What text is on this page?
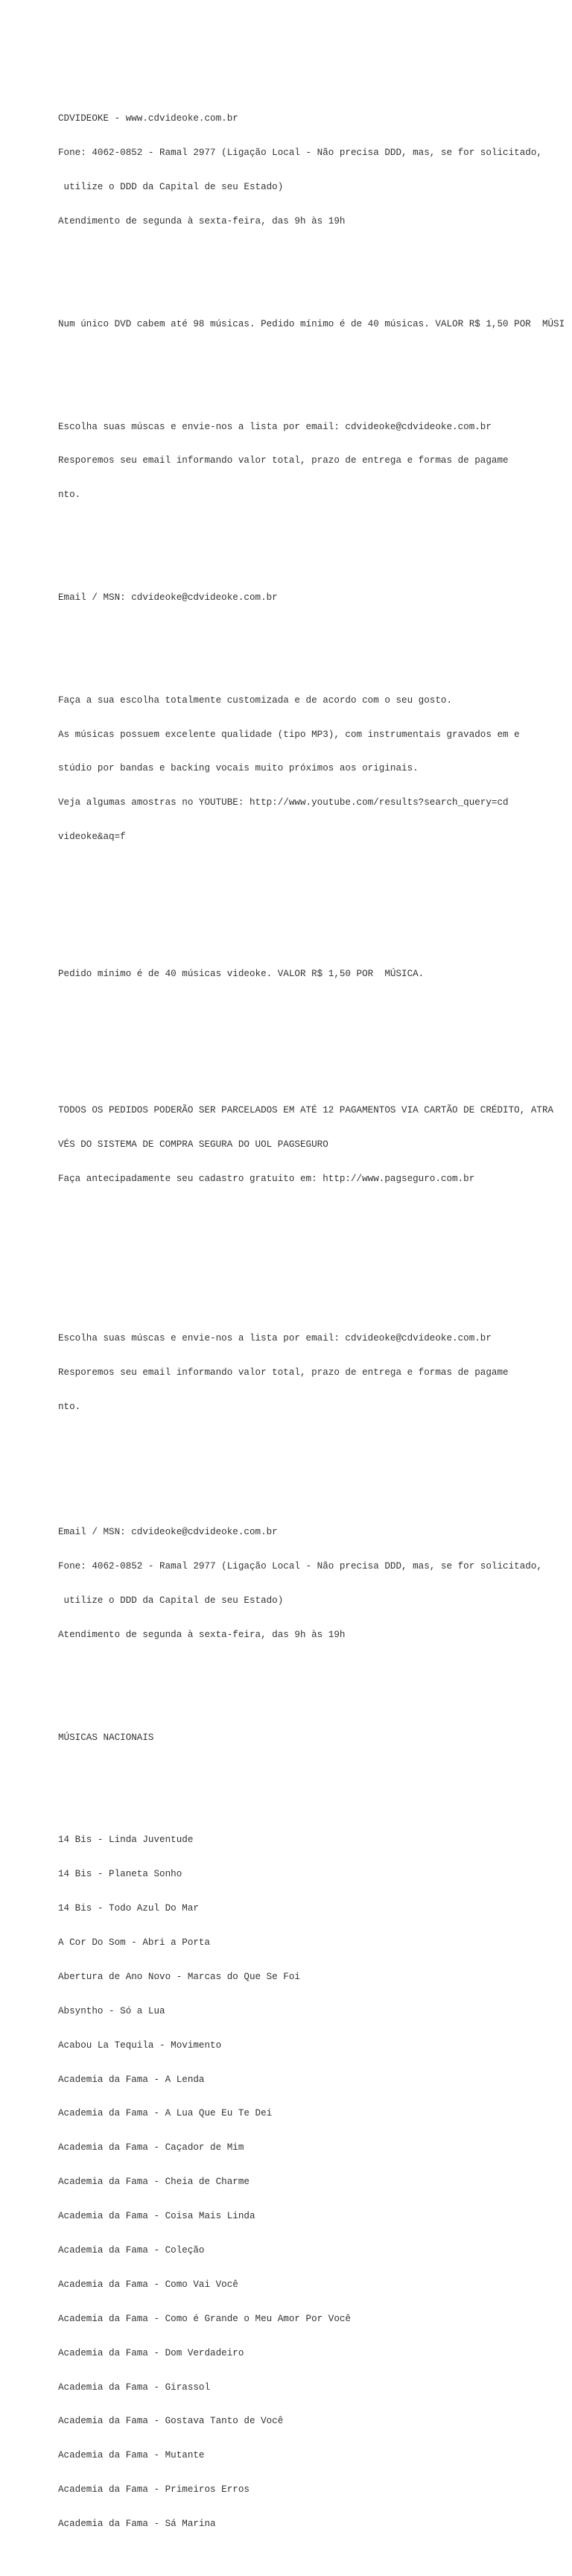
CDVIDEOKE - www.cdvideoke.com.br

Fone: 4062-0852 - Ramal 2977 (Ligação Local - Não precisa DDD, mas, se for solicitado,

utilize o DDD da Capital de seu Estado)

Atendimento de segunda à sexta-feira, das 9h às 19h

Num único DVD cabem até 98 músicas. Pedido mínimo é de 40 músicas. VALOR R$ 1,50 POR  MÚSI

Escolha suas múscas e envie-nos a lista por email: cdvideoke@cdvideoke.com.br

Resporemos seu email informando valor total, prazo de entrega e formas de pagame

nto.

Email / MSN: cdvideoke@cdvideoke.com.br

Faça a sua escolha totalmente customizada e de acordo com o seu gosto.

As músicas possuem excelente qualidade (tipo MP3), com instrumentais gravados em e

stúdio por bandas e backing vocais muito próximos aos originais.

Veja algumas amostras no YOUTUBE: http://www.youtube.com/results?search_query=cd

videoke&aq=f

Pedido mínimo é de 40 músicas videoke. VALOR R$ 1,50 POR  MÚSICA.

TODOS OS PEDIDOS PODERÃO SER PARCELADOS EM ATÉ 12 PAGAMENTOS VIA CARTÃO DE CRÉDITO, ATRA

VÉS DO SISTEMA DE COMPRA SEGURA DO UOL PAGSEGURO

Faça antecipadamente seu cadastro gratuito em: http://www.pagseguro.com.br

Escolha suas múscas e envie-nos a lista por email: cdvideoke@cdvideoke.com.br

Resporemos seu email informando valor total, prazo de entrega e formas de pagame

nto.

Email / MSN: cdvideoke@cdvideoke.com.br

Fone: 4062-0852 - Ramal 2977 (Ligação Local - Não precisa DDD, mas, se for solicitado,

utilize o DDD da Capital de seu Estado)

Atendimento de segunda à sexta-feira, das 9h às 19h

MÚSICAS NACIONAIS

14 Bis - Linda Juventude

14 Bis - Planeta Sonho

14 Bis - Todo Azul Do Mar

A Cor Do Som - Abri a Porta

Abertura de Ano Novo - Marcas do Que Se Foi

Absyntho - Só a Lua

Acabou La Tequila - Movimento

Academia da Fama - A Lenda

Academia da Fama - A Lua Que Eu Te Dei

Academia da Fama - Caçador de Mim

Academia da Fama - Cheia de Charme

Academia da Fama - Coisa Mais Linda

Academia da Fama - Coleção

Academia da Fama - Como Vai Você

Academia da Fama - Como é Grande o Meu Amor Por Você

Academia da Fama - Dom Verdadeiro

Academia da Fama - Girassol

Academia da Fama - Gostava Tanto de Você

Academia da Fama - Mutante

Academia da Fama - Primeiros Erros

Academia da Fama - Sá Marina
